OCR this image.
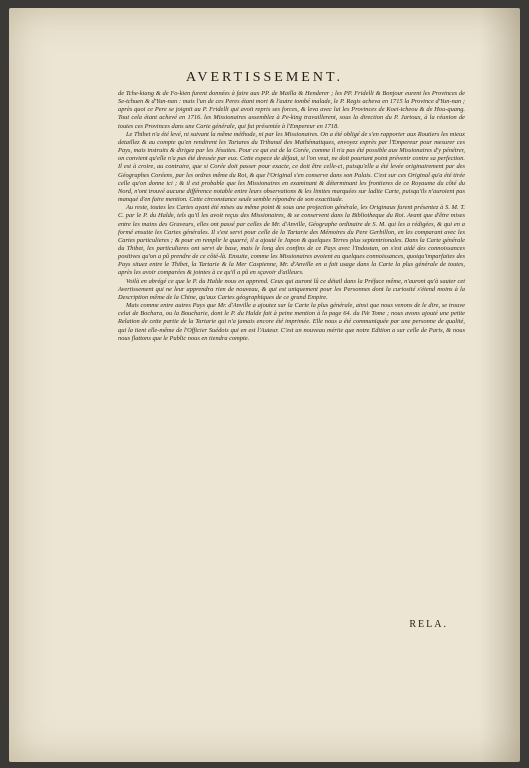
AVERTISSEMENT.

de Tche-kiang & de Fo-kien furent données à faire aux PP. de Mailla & Henderer ; les PP. Fridelli & Bonjour eurent les Provinces de Se-tchuen & d'Yun-nan : mais l'un de ces Peres étant mort & l'autre tombé malade, le P. Regis acheva en 1715 la Province d'Yun-nan ; après quoi ce Pere se joignit au P. Fridelli qui avoit repris ses forces, & leva avec lui les Provinces de Koei-tcheou & de Hou-quang. Tout cela étant achevé en 1716. les Missionaires assemblez à Pe-king travaillerent, sous la direction du P. Jartoux, à la réunion de toutes ces Provinces dans une Carte générale, qui fut présentée à l'Empereur en 1718.

Le Thibet n'a été levé, ni suivant la même méthode, ni par les Missionaires. On a été obligé de s'en rapporter aux Routiers les mieux detaillez & au compte qu'en rendirent les Tartares du Tribunal des Mathématiques, envoyez exprès par l'Empereur pour mesurer ces Pays, mais instruits & dirigez par les Jésuites. Pour ce qui est de la Corée, comme il n'a pas été possible aux Missionaires d'y pénétrer, on convient qu'elle n'a pas été dressée par eux. Cette espece de défaut, si l'on veut, ne doit pourtant point prévenir contre sa perfection. Il est à croire, au contraire, que si Corée doit passer pour exacte, ce doit être celle-ci, puisqu'elle a été levée originairement par des Géographes Coréens, par les ordres même du Roi, & que l'Original s'en conserve dans son Palais. C'est sur ces Original qu'a été tirée celle qu'on donne ici ; & il est probable que les Missionaires en examinant & déterminant les frontieres de ce Royaume du côté du Nord, n'ont trouvé aucune différence notable entre leurs observations & les limites marquées sur ladite Carte, puisqu'ils n'auroient pas manqué d'en faire mention. Cette circonstance seule semble répondre de son exactitude.

Au reste, toutes les Cartes ayant été mises au même point & sous une projection générale, les Originaux furent présentez à S. M. T. C. par le P. du Halde, tels qu'il les avoit reçus des Missionaires, & se conservent dans la Bibliotheque du Roi. Avant que d'être mises entre les mains des Graveurs, elles ont passé par celles de Mr. d'Anville, Géographe ordinaire de S. M. qui les a rédigées, & qui en a formé ensuite les Cartes générales. Il s'est servi pour celle de la Tartarie des Mémoires du Pere Gerbillon, en les comparant avec les Cartes particulieres ; & pour en remplir le quarré, il a ajouté le Japon & quelques Terres plus septentrionales. Dans la Carte générale du Thibet, les particulieres ont servi de base, mais le long des confins de ce Pays avec l'Indostan, on s'est aidé des connoissances positives qu'on a pû prendre de ce côté-là. Ensuite, comme les Missionaires avoient eu quelques connoissances, quoiqu'imparfaites des Pays situez entre le Thibet, la Tartarie & la Mer Caspienne, Mr. d'Anville en a fait usage dans la Carte la plus générale de toutes, après les avoir comparées & jointes à ce qu'il a pû en sçavoir d'ailleurs.

Voilà en abrégé ce que le P. du Halde nous en apprend. Ceux qui auront lû ce détail dans la Préface même, n'auront qu'à sauter cet Avertissement qui ne leur apprendra rien de nouveau, & qui est uniquement pour les Personnes dont la curiosité s'étend moins à la Description même de la Chine, qu'aux Cartes géographiques de ce grand Empire.

Mais comme entre autres Pays que Mr. d'Anville a ajoutez sur la Carte la plus générale, ainsi que nous venons de le dire, se trouve celui de Bochara, ou la Boucharie, dont le P. du Halde fait à peine mention à la page 64. du IVe Tome ; nous avons ajouté une petite Relation de cette partie de la Tartarie qui n'a jamais encore été imprimée. Elle nous a été communiquée par une personne de qualité, qui la tient elle-même de l'Officier Suédois qui en est l'Auteur. C'est un nouveau mérite que notre Edition a sur celle de Paris, & nous nous flattons que le Public nous en tiendra compte.

RELA.
